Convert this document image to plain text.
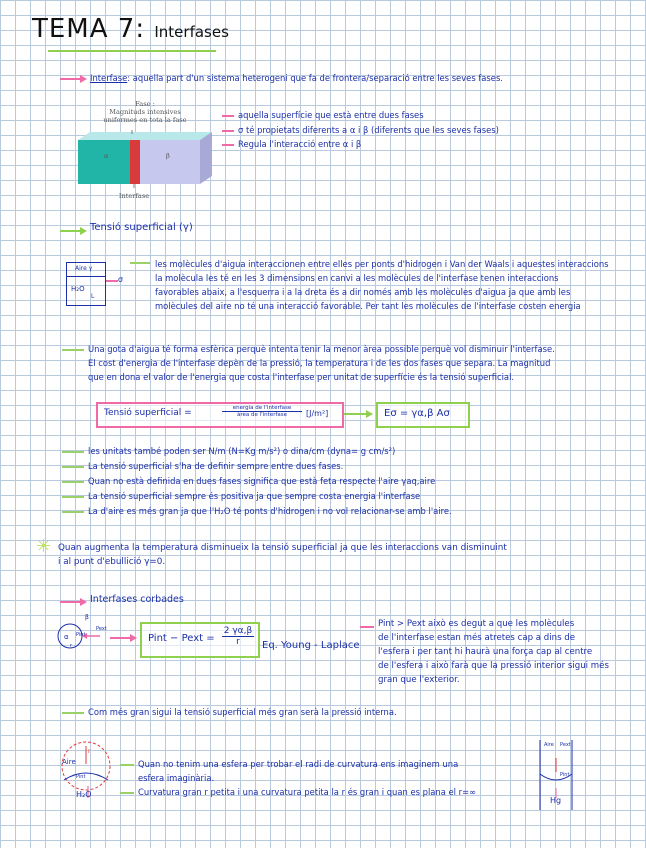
TEMA 7: Interfases
Interfase: aquella part d'un sistema heterogeni que fa de frontera/separació entre les seves fases.
Fase :
Magnituds intensives
uniformes en tota la fase
α	β
Interfase
aquella superfície que està entre dues fases
σ té propietats diferents a α i β (diferents que les seves fases)
Regula l'interacció entre α i β
Tensió superficial (γ)
Aire γ
H₂O
L
σ
les molècules d'aigua interaccionen entre elles per ponts d'hidrogen i Van der Waals i aquestes interaccions
la molècula les té en les 3 dimensions en canvi a les molècules de l'interfase tenen interaccions
favorables abaix, a l'esquerra i a la dreta és a dir només amb les molècules d'aigua ja que amb les
molècules del aire no té una interacció favorable. Per tant les molècules de l'interfase costen energia
Una gota d'aigua té forma esfèrica perquè intenta tenir la menor àrea possible perquè vol disminuir l'interfase.
El cost d'energia de l'interfase depèn de la pressió, la temperatura i de les dos fases que separa. La magnitud
que en dona el valor de l'energia que costa l'interfase per unitat de superfície és la tensió superficial.
Tensió superficial =	energia de l'interfase
àrea de l'interfase	[J/m²]	Eσ = γα,β Aσ
les unitats també poden ser N/m (N=Kg m/s²) o dina/cm (dyna= g cm/s²)
La tensió superficial s'ha de definir sempre entre dues fases.
Quan no està definida en dues fases significa que està feta respecte l'aire γaq,aire
La tensió superficial sempre és positiva ja que sempre costa energia l'interfase
La d'aire es més gran ja que l'H₂O té ponts d'hidrogen i no vol relacionar-se amb l'aire.
✳ Quan augmenta la temperatura disminueix la tensió superficial ja que les interaccions van disminuint
i al punt d'ebullició γ=0.
Interfases corbades
β
α Pint
Pext
r
Pint − Pext = $\frac{2 \gamma\alpha,\beta}{r} Eq$. Young - Laplace
Pint > Pext això es degut a que les molècules
de l'interfase estan més atretes cap a dins de
l'esfera i per tant hi haurà una força cap al centre
de l'esfera i això farà que la pressió interior sigui més
gran que l'exterior.
Com més gran sigui la tensió superficial més gran serà la pressió interna.
Aire
r
Pint
H₂O
Quan no tenim una esfera per trobar el radi de curvatura ens imaginem una
esfera imaginària.
Curvatura gran r petita i una curvatura petita la r és gran i quan es plana el r=∞
Aire Pext
Pint
Hg
